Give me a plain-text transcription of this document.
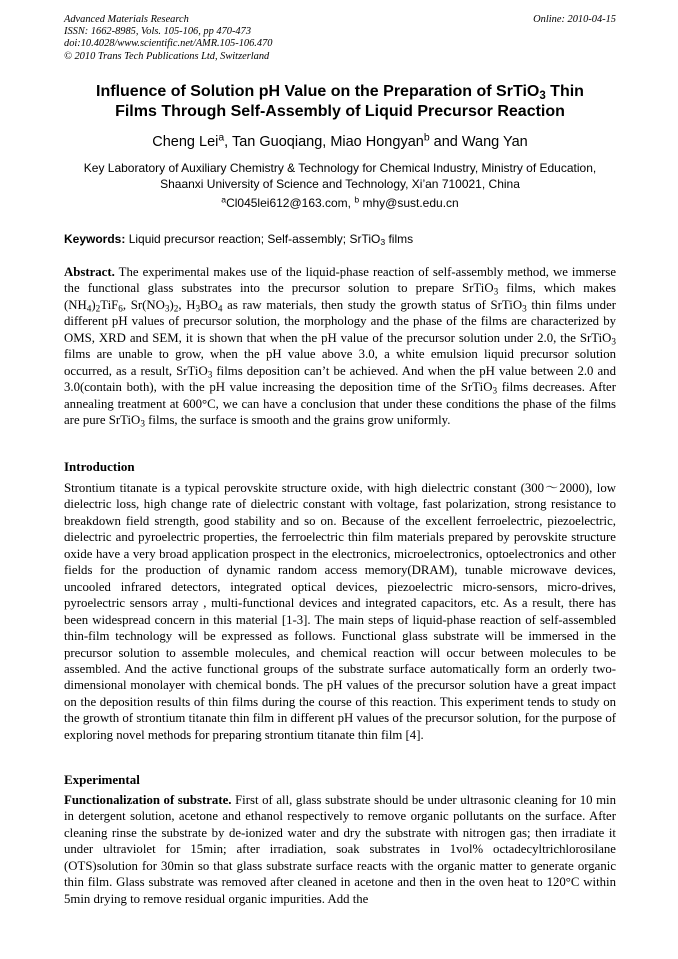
Advanced Materials Research
ISSN: 1662-8985, Vols. 105-106, pp 470-473
doi:10.4028/www.scientific.net/AMR.105-106.470
© 2010 Trans Tech Publications Ltd, Switzerland
Online: 2010-04-15
Influence of Solution pH Value on the Preparation of SrTiO$_3$ Thin
Films Through Self-Assembly of Liquid Precursor Reaction
Cheng Lei$^a$, Tan Guoqiang, Miao Hongyan$^b$ and Wang Yan
Key Laboratory of Auxiliary Chemistry & Technology for Chemical Industry, Ministry of Education,
Shaanxi University of Science and Technology, Xi’an 710021, China
$^a$Cl045lei612@163.com, $^b$ mhy@sust.edu.cn
Keywords: Liquid precursor reaction; Self-assembly; SrTiO$_3$ films
Abstract. The experimental makes use of the liquid-phase reaction of self-assembly method, we immerse the functional glass substrates into the precursor solution to prepare SrTiO$_3$ films, which makes $(NH_4)_2TiF_6$, $Sr(NO_3)_2$, $H_3BO_4$ as raw materials, then study the growth status of SrTiO$_3$ thin films under different pH values of precursor solution, the morphology and the phase of the films are characterized by OMS, XRD and SEM, it is shown that when the pH value of the precursor solution under 2.0, the SrTiO$_3$ films are unable to grow, when the pH value above 3.0, a white emulsion liquid precursor solution occurred, as a result, SrTiO$_3$ films deposition can’t be achieved. And when the pH value between 2.0 and 3.0(contain both), with the pH value increasing the deposition time of the SrTiO$_3$ films decreases. After annealing treatment at 600°C, we can have a conclusion that under these conditions the phase of the films are pure SrTiO$_3$ films, the surface is smooth and the grains grow uniformly.
Introduction
Strontium titanate is a typical perovskite structure oxide, with high dielectric constant (300～2000), low dielectric loss, high change rate of dielectric constant with voltage, fast polarization, strong resistance to breakdown field strength, good stability and so on. Because of the excellent ferroelectric, piezoelectric, dielectric and pyroelectric properties, the ferroelectric thin film materials prepared by perovskite structure oxide have a very broad application prospect in the electronics, microelectronics, optoelectronics and other fields for the production of dynamic random access memory(DRAM), tunable microwave devices, uncooled infrared detectors, integrated optical devices, piezoelectric micro-sensors, micro-drives, pyroelectric sensors array , multi-functional devices and integrated capacitors, etc. As a result, there has been widespread concern in this material [1-3]. The main steps of liquid-phase reaction of self-assembled thin-film technology will be expressed as follows. Functional glass substrate will be immersed in the precursor solution to assemble molecules, and chemical reaction will occur between molecules to be assembled. And the active functional groups of the substrate surface automatically form an orderly two-dimensional monolayer with chemical bonds. The pH values of the precursor solution have a great impact on the deposition results of thin films during the course of this reaction. This experiment tends to study on the growth of strontium titanate thin film in different pH values of the precursor solution, for the purpose of exploring novel methods for preparing strontium titanate thin film [4].
Experimental
Functionalization of substrate. First of all, glass substrate should be under ultrasonic cleaning for 10 min in detergent solution, acetone and ethanol respectively to remove organic pollutants on the surface. After cleaning rinse the substrate by de-ionized water and dry the substrate with nitrogen gas; then irradiate it under ultraviolet for 15min; after irradiation, soak substrates in 1vol% octadecyltrichlorosilane (OTS)solution for 30min so that glass substrate surface reacts with the organic matter to generate organic thin film. Glass substrate was removed after cleaned in acetone and then in the oven heat to 120°C within 5min drying to remove residual organic impurities. Add the
